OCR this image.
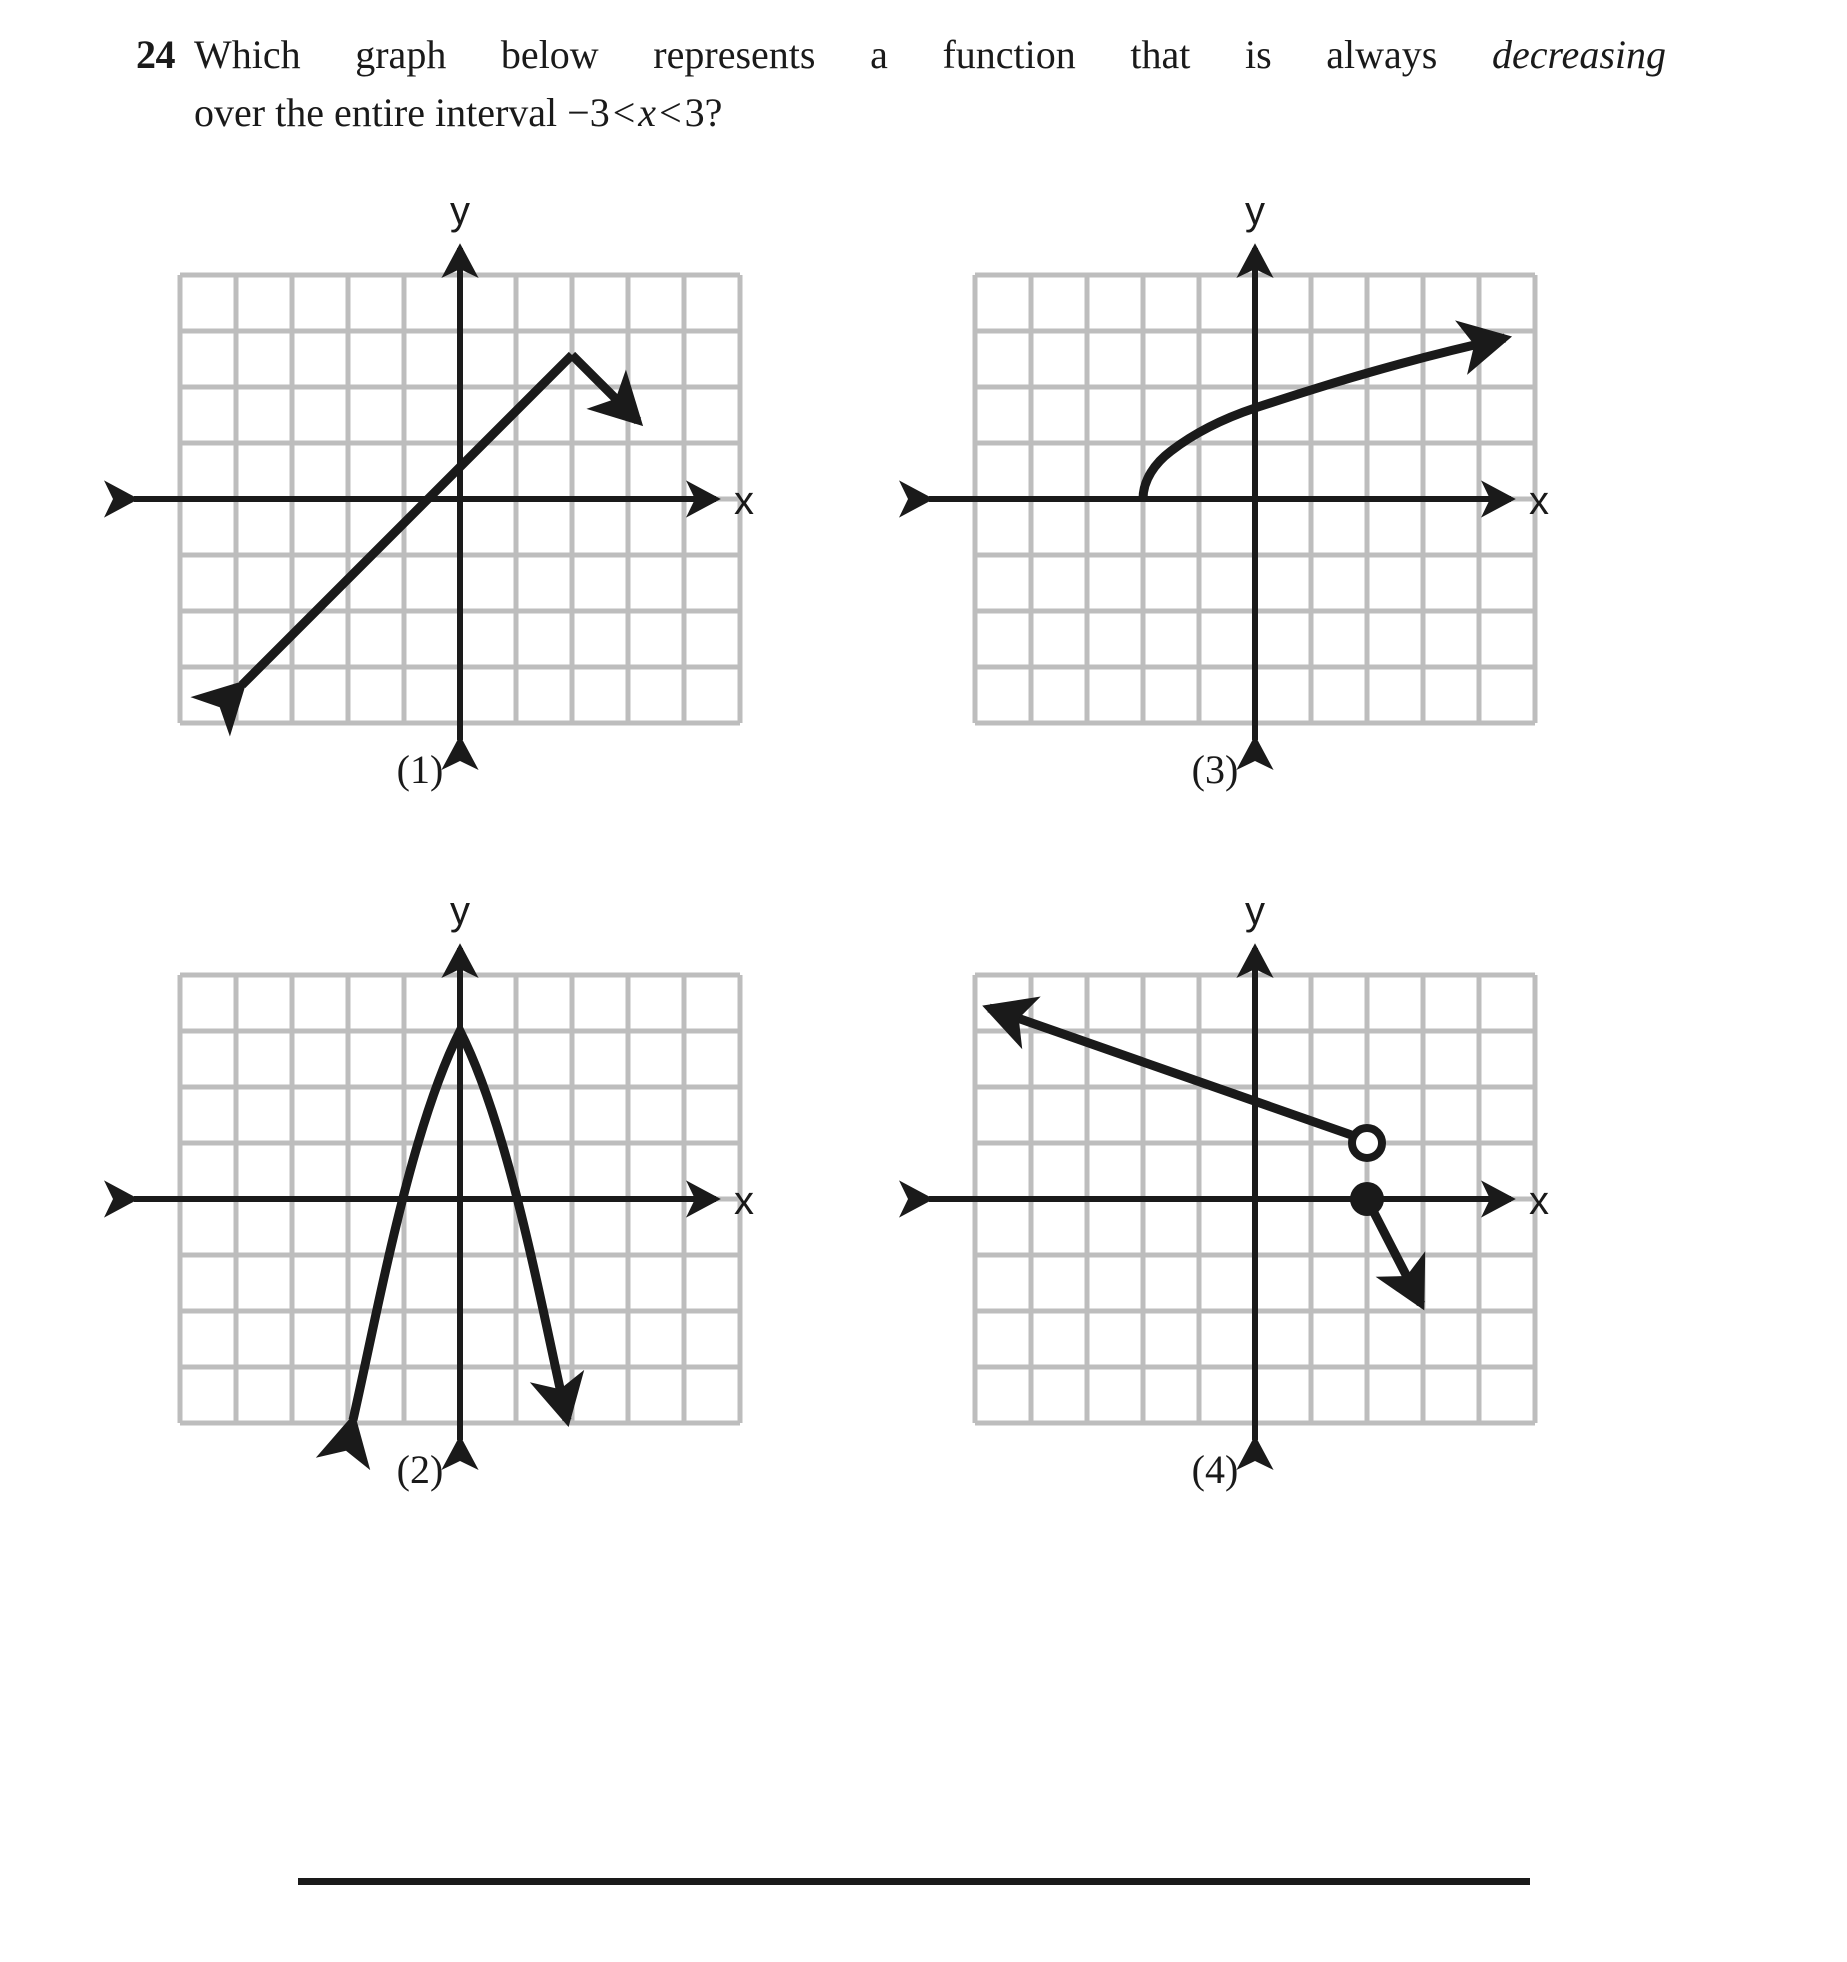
24 Which graph below represents a function that is always decreasing
over the entire interval −3<x<3?
y
x
(1)
y
x
(3)
y
x
(2)
y
x
(4)
